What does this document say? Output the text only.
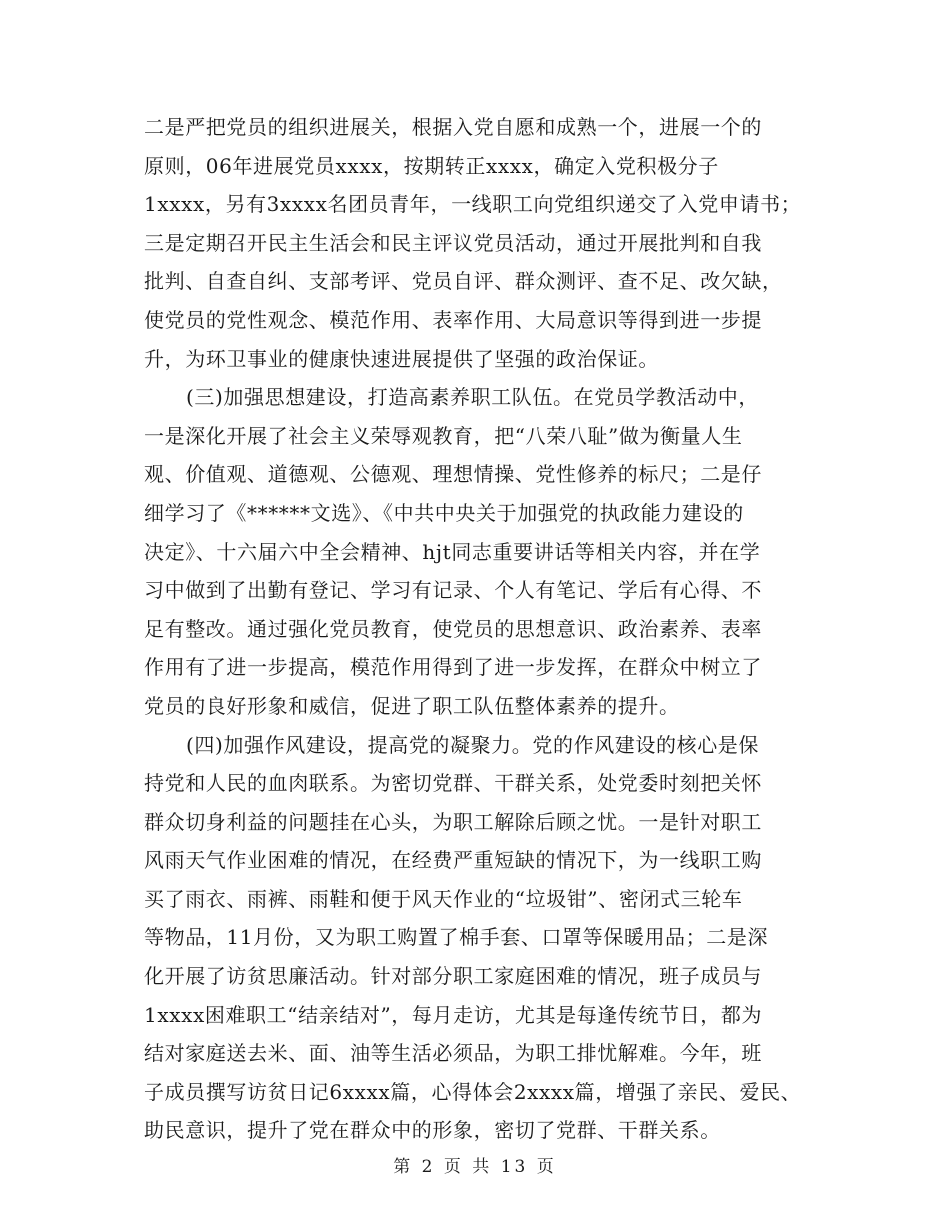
二是严把党员的组织进展关，根据入党自愿和成熟一个，进展一个的
原则，06年进展党员xxxx，按期转正xxxx，确定入党积极分子
1xxxx，另有3xxxx名团员青年，一线职工向党组织递交了入党申请书；
三是定期召开民主生活会和民主评议党员活动，通过开展批判和自我
批判、自查自纠、支部考评、党员自评、群众测评、查不足、改欠缺，
使党员的党性观念、模范作用、表率作用、大局意识等得到进一步提
升，为环卫事业的健康快速进展提供了坚强的政治保证。
(三)加强思想建设，打造高素养职工队伍。在党员学教活动中，
一是深化开展了社会主义荣辱观教育，把“八荣八耻”做为衡量人生
观、价值观、道德观、公德观、理想情操、党性修养的标尺；二是仔
细学习了《******文选》、《中共中央关于加强党的执政能力建设的
决定》、十六届六中全会精神、hjt同志重要讲话等相关内容，并在学
习中做到了出勤有登记、学习有记录、个人有笔记、学后有心得、不
足有整改。通过强化党员教育，使党员的思想意识、政治素养、表率
作用有了进一步提高，模范作用得到了进一步发挥，在群众中树立了
党员的良好形象和威信，促进了职工队伍整体素养的提升。
(四)加强作风建设，提高党的凝聚力。党的作风建设的核心是保
持党和人民的血肉联系。为密切党群、干群关系，处党委时刻把关怀
群众切身利益的问题挂在心头，为职工解除后顾之忧。一是针对职工
风雨天气作业困难的情况，在经费严重短缺的情况下，为一线职工购
买了雨衣、雨裤、雨鞋和便于风天作业的“垃圾钳”、密闭式三轮车
等物品，11月份，又为职工购置了棉手套、口罩等保暖用品；二是深
化开展了访贫思廉活动。针对部分职工家庭困难的情况，班子成员与
1xxxx困难职工“结亲结对”，每月走访，尤其是每逢传统节日，都为
结对家庭送去米、面、油等生活必须品，为职工排忧解难。今年，班
子成员撰写访贫日记6xxxx篇，心得体会2xxxx篇，增强了亲民、爱民、
助民意识，提升了党在群众中的形象，密切了党群、干群关系。
第 2 页 共 13 页
